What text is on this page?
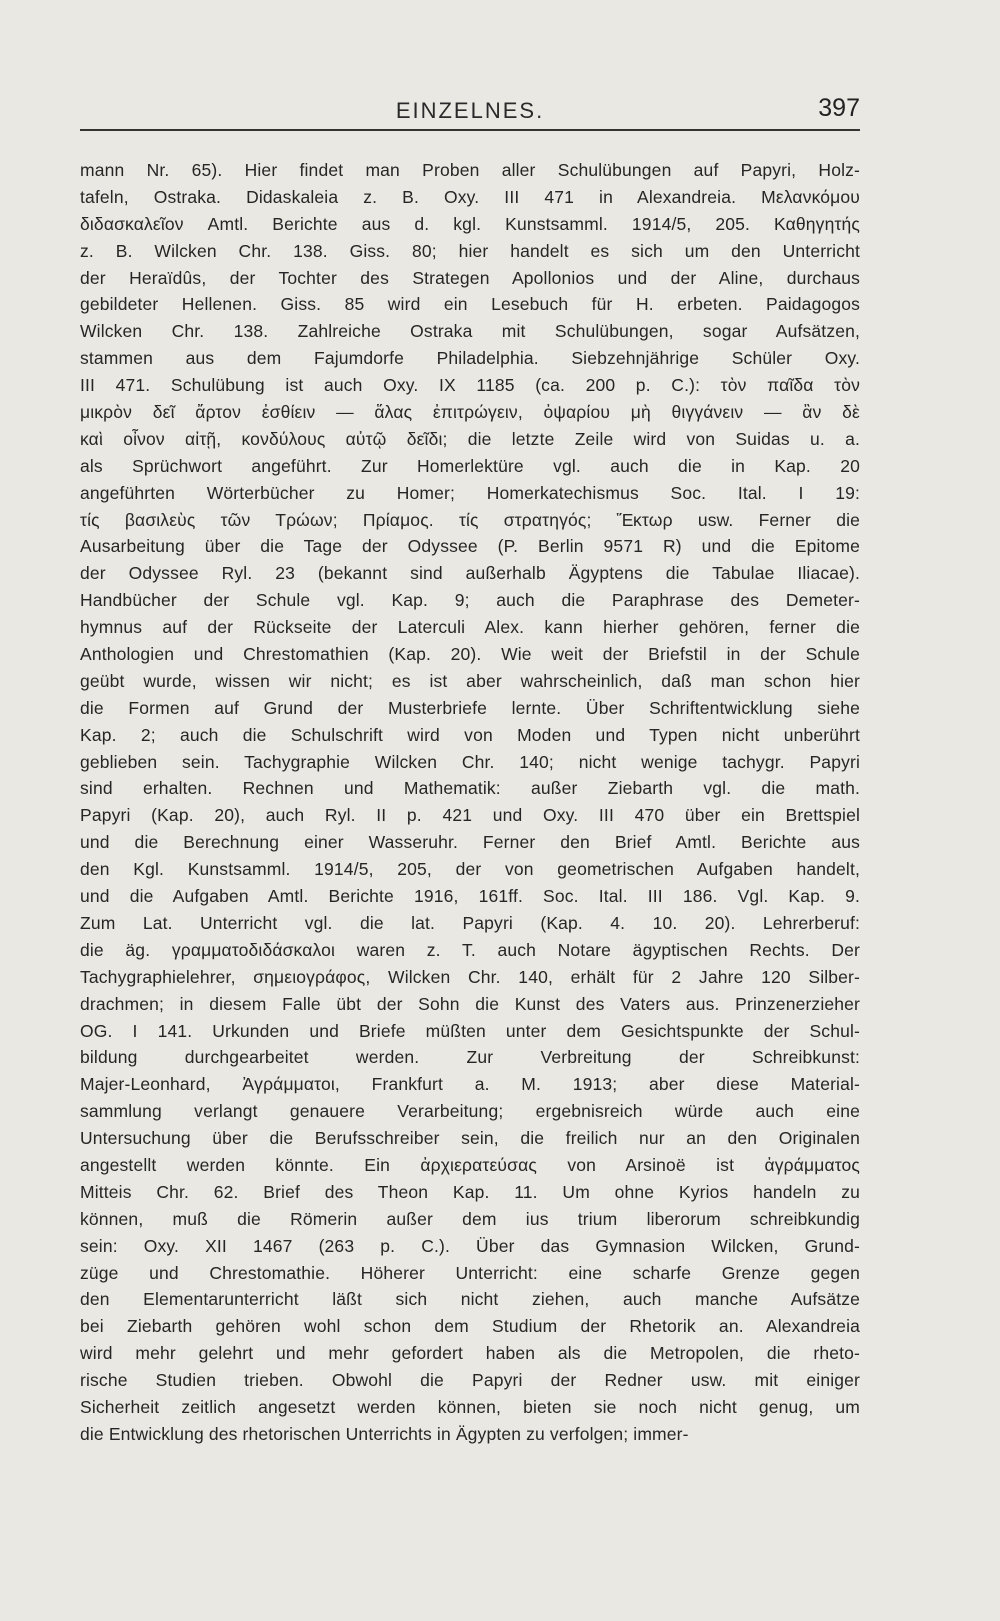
EINZELNES.	397
mann Nr. 65). Hier findet man Proben aller Schulübungen auf Papyri, Holz-
tafeln, Ostraka. Didaskaleia z. B. Oxy. III 471 in Alexandreia. Μελανκόμου
διδασκαλεῖον Amtl. Berichte aus d. kgl. Kunstsamml. 1914/5, 205. Καθηγητής
z. B. Wilcken Chr. 138. Giss. 80; hier handelt es sich um den Unterricht
der Heraïdûs, der Tochter des Strategen Apollonios und der Aline, durchaus
gebildeter Hellenen. Giss. 85 wird ein Lesebuch für H. erbeten. Paidagogos
Wilcken Chr. 138. Zahlreiche Ostraka mit Schulübungen, sogar Aufsätzen,
stammen aus dem Fajumdorfe Philadelphia. Siebzehnjährige Schüler Oxy.
III 471. Schulübung ist auch Oxy. IX 1185 (ca. 200 p. C.): τὸν παῖδα τὸν
μικρὸν δεῖ ἄρτον ἐσθίειν — ἅλας ἐπιτρώγειν, ὀψαρίου μὴ θιγγάνειν — ἂν δὲ
καὶ οἶνον αἰτῇ, κονδύλους αὐτῷ δεῖδι; die letzte Zeile wird von Suidas u. a.
als Sprüchwort angeführt. Zur Homerlektüre vgl. auch die in Kap. 20
angeführten Wörterbücher zu Homer; Homerkatechismus Soc. Ital. I 19:
τίς βασιλεὺς τῶν Τρώων; Πρίαμος. τίς στρατηγός; Ἕκτωρ usw. Ferner die
Ausarbeitung über die Tage der Odyssee (P. Berlin 9571 R) und die Epitome
der Odyssee Ryl. 23 (bekannt sind außerhalb Ägyptens die Tabulae Iliacae).
Handbücher der Schule vgl. Kap. 9; auch die Paraphrase des Demeter-
hymnus auf der Rückseite der Laterculi Alex. kann hierher gehören, ferner die
Anthologien und Chrestomathien (Kap. 20). Wie weit der Briefstil in der Schule
geübt wurde, wissen wir nicht; es ist aber wahrscheinlich, daß man schon hier
die Formen auf Grund der Musterbriefe lernte. Über Schriftentwicklung siehe
Kap. 2; auch die Schulschrift wird von Moden und Typen nicht unberührt
geblieben sein. Tachygraphie Wilcken Chr. 140; nicht wenige tachygr. Papyri
sind erhalten. Rechnen und Mathematik: außer Ziebarth vgl. die math.
Papyri (Kap. 20), auch Ryl. II p. 421 und Oxy. III 470 über ein Brettspiel
und die Berechnung einer Wasseruhr. Ferner den Brief Amtl. Berichte aus
den Kgl. Kunstsamml. 1914/5, 205, der von geometrischen Aufgaben handelt,
und die Aufgaben Amtl. Berichte 1916, 161ff. Soc. Ital. III 186. Vgl. Kap. 9.
Zum Lat. Unterricht vgl. die lat. Papyri (Kap. 4. 10. 20). Lehrerberuf:
die äg. γραμματοδιδάσκαλοι waren z. T. auch Notare ägyptischen Rechts. Der
Tachygraphielehrer, σημειογράφος, Wilcken Chr. 140, erhält für 2 Jahre 120 Silber-
drachmen; in diesem Falle übt der Sohn die Kunst des Vaters aus. Prinzenerzieher
OG. I 141. Urkunden und Briefe müßten unter dem Gesichtspunkte der Schul-
bildung durchgearbeitet werden. Zur Verbreitung der Schreibkunst:
Majer-Leonhard, Ἀγράμματοι, Frankfurt a. M. 1913; aber diese Material-
sammlung verlangt genauere Verarbeitung; ergebnisreich würde auch eine
Untersuchung über die Berufsschreiber sein, die freilich nur an den Originalen
angestellt werden könnte. Ein ἀρχιερατεύσας von Arsinoë ist ἀγράμματος
Mitteis Chr. 62. Brief des Theon Kap. 11. Um ohne Kyrios handeln zu
können, muß die Römerin außer dem ius trium liberorum schreibkundig
sein: Oxy. XII 1467 (263 p. C.). Über das Gymnasion Wilcken, Grund-
züge und Chrestomathie. Höherer Unterricht: eine scharfe Grenze gegen
den Elementarunterricht läßt sich nicht ziehen, auch manche Aufsätze
bei Ziebarth gehören wohl schon dem Studium der Rhetorik an. Alexandreia
wird mehr gelehrt und mehr gefordert haben als die Metropolen, die rheto-
rische Studien trieben. Obwohl die Papyri der Redner usw. mit einiger
Sicherheit zeitlich angesetzt werden können, bieten sie noch nicht genug, um
die Entwicklung des rhetorischen Unterrichts in Ägypten zu verfolgen; immer-
